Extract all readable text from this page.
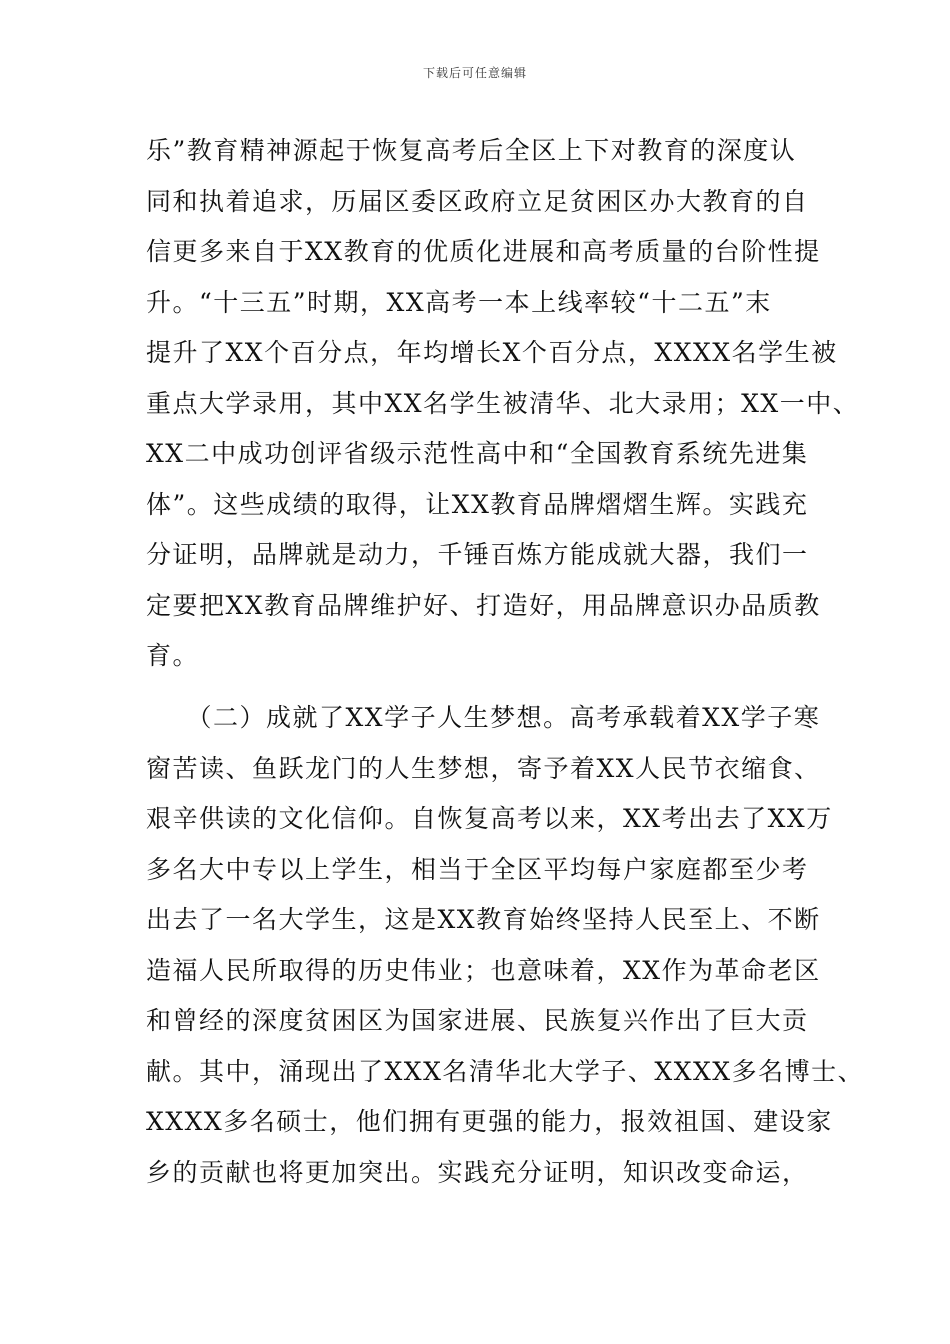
下载后可任意编辑
乐”教育精神源起于恢复高考后全区上下对教育的深度认
同和执着追求，历届区委区政府立足贫困区办大教育的自
信更多来自于XX教育的优质化进展和高考质量的台阶性提
升。“十三五”时期，XX高考一本上线率较“十二五”末
提升了XX个百分点，年均增长X个百分点，XXXX名学生被
重点大学录用，其中XX名学生被清华、北大录用；XX一中、
XX二中成功创评省级示范性高中和“全国教育系统先进集
体”。这些成绩的取得，让XX教育品牌熠熠生辉。实践充
分证明，品牌就是动力，千锤百炼方能成就大器，我们一
定要把XX教育品牌维护好、打造好，用品牌意识办品质教
育。
　　（二）成就了XX学子人生梦想。高考承载着XX学子寒
窗苦读、鱼跃龙门的人生梦想，寄予着XX人民节衣缩食、
艰辛供读的文化信仰。自恢复高考以来，XX考出去了XX万
多名大中专以上学生，相当于全区平均每户家庭都至少考
出去了一名大学生，这是XX教育始终坚持人民至上、不断
造福人民所取得的历史伟业；也意味着，XX作为革命老区
和曾经的深度贫困区为国家进展、民族复兴作出了巨大贡
献。其中，涌现出了XXX名清华北大学子、XXXX多名博士、
XXXX多名硕士，他们拥有更强的能力，报效祖国、建设家
乡的贡献也将更加突出。实践充分证明，知识改变命运，
